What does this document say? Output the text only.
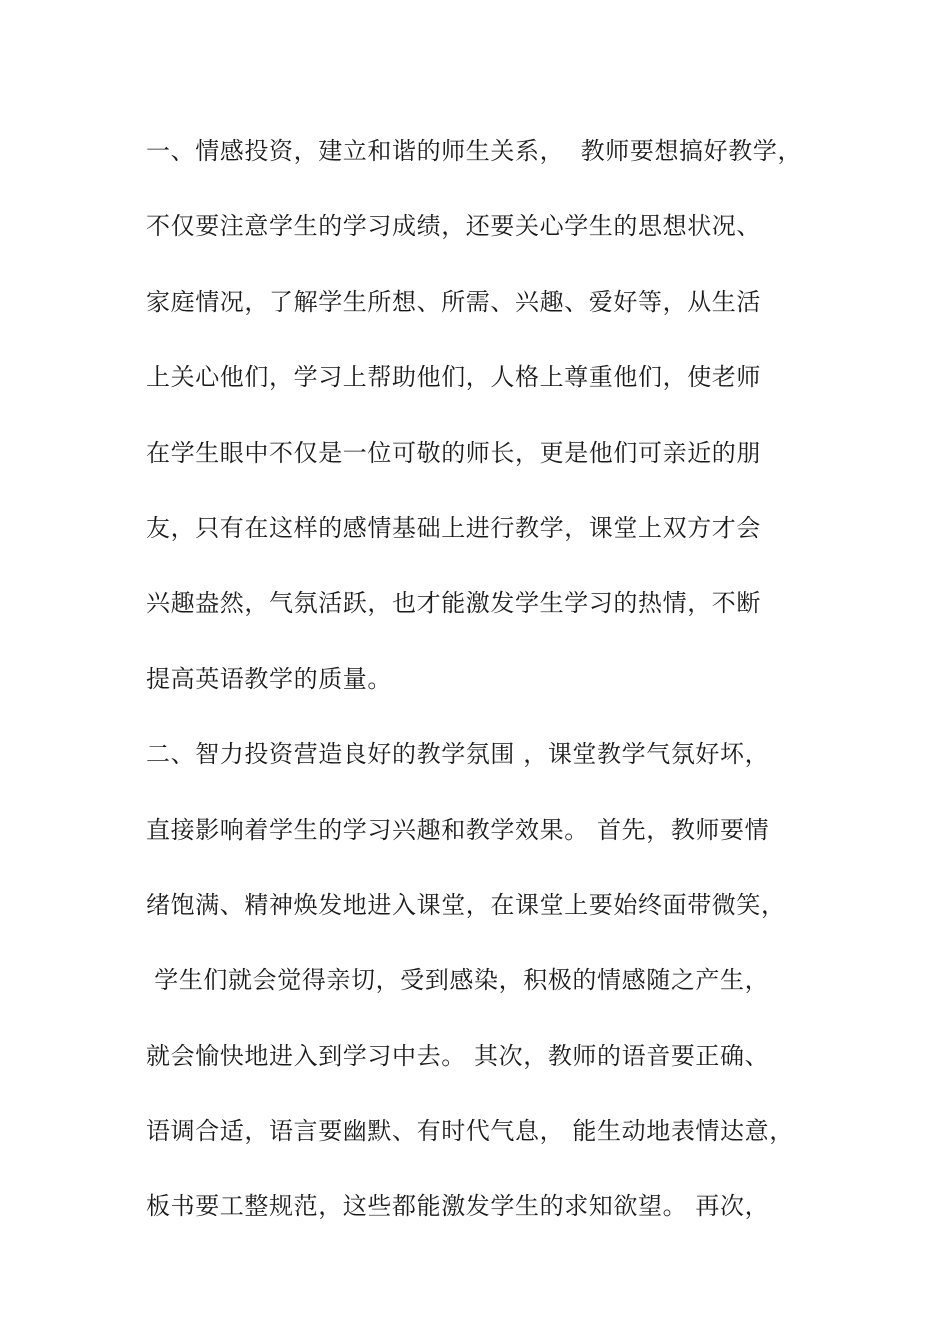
一、情感投资，建立和谐的师生关系，  教师要想搞好教学，
不仅要注意学生的学习成绩，还要关心学生的思想状况、
家庭情况，了解学生所想、所需、兴趣、爱好等，从生活
上关心他们，学习上帮助他们，人格上尊重他们，使老师
在学生眼中不仅是一位可敬的师长，更是他们可亲近的朋
友，只有在这样的感情基础上进行教学，课堂上双方才会
兴趣盎然，气氛活跃，也才能激发学生学习的热情，不断
提高英语教学的质量。
二、智力投资营造良好的教学氛围 ，课堂教学气氛好坏，
直接影响着学生的学习兴趣和教学效果。 首先，教师要情
绪饱满、精神焕发地进入课堂，在课堂上要始终面带微笑，
学生们就会觉得亲切，受到感染，积极的情感随之产生，
就会愉快地进入到学习中去。 其次，教师的语音要正确、
语调合适，语言要幽默、有时代气息， 能生动地表情达意，
板书要工整规范，这些都能激发学生的求知欲望。 再次，
